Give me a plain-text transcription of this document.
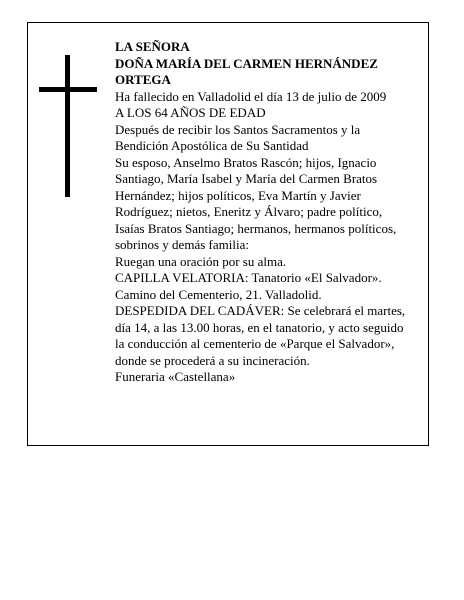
LA SEÑORA
DOÑA MARÍA DEL CARMEN HERNÁNDEZ
ORTEGA
Ha fallecido en Valladolid el día 13 de julio de 2009
A LOS 64 AÑOS DE EDAD
Después de recibir los Santos Sacramentos y la
Bendición Apostólica de Su Santidad
Su esposo, Anselmo Bratos Rascón; hijos, Ignacio
Santiago, María Isabel y María del Carmen Bratos
Hernández; hijos políticos, Eva Martín y Javier
Rodríguez; nietos, Eneritz y Álvaro; padre político,
Isaías Bratos Santiago; hermanos, hermanos políticos,
sobrinos y demás familia:
Ruegan una oración por su alma.
CAPILLA VELATORIA: Tanatorio «El Salvador».
Camino del Cementerio, 21. Valladolid.
DESPEDIDA DEL CADÁVER: Se celebrará el martes,
día 14, a las 13.00 horas, en el tanatorio, y acto seguido
la conducción al cementerio de «Parque el Salvador»,
donde se procederá a su incineración.
Funeraria «Castellana»
